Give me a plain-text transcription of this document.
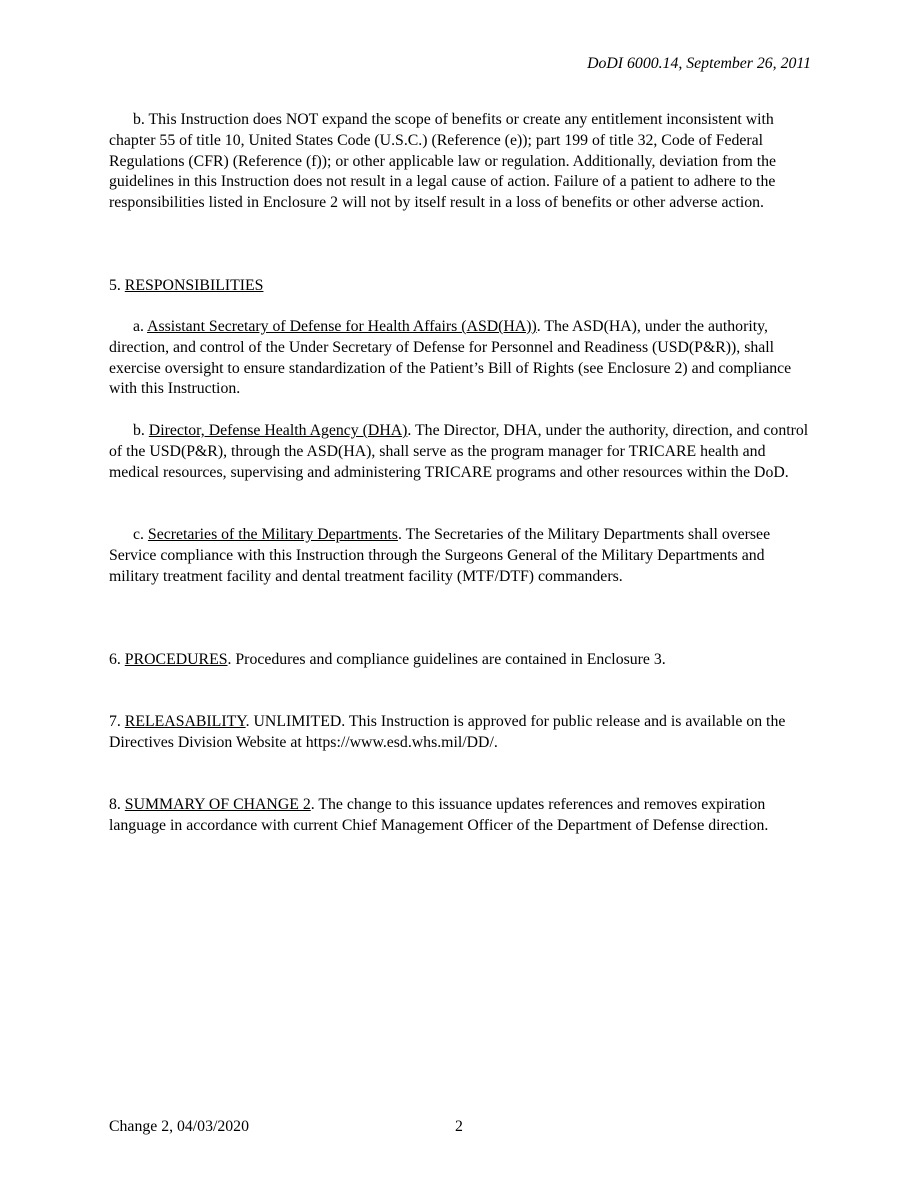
DoDI 6000.14, September 26, 2011

b. This Instruction does NOT expand the scope of benefits or create any entitlement inconsistent with chapter 55 of title 10, United States Code (U.S.C.) (Reference (e)); part 199 of title 32, Code of Federal Regulations (CFR) (Reference (f)); or other applicable law or regulation. Additionally, deviation from the guidelines in this Instruction does not result in a legal cause of action. Failure of a patient to adhere to the responsibilities listed in Enclosure 2 will not by itself result in a loss of benefits or other adverse action.

5. RESPONSIBILITIES

a. Assistant Secretary of Defense for Health Affairs (ASD(HA)). The ASD(HA), under the authority, direction, and control of the Under Secretary of Defense for Personnel and Readiness (USD(P&R)), shall exercise oversight to ensure standardization of the Patient’s Bill of Rights (see Enclosure 2) and compliance with this Instruction.

b. Director, Defense Health Agency (DHA). The Director, DHA, under the authority, direction, and control of the USD(P&R), through the ASD(HA), shall serve as the program manager for TRICARE health and medical resources, supervising and administering TRICARE programs and other resources within the DoD.

c. Secretaries of the Military Departments. The Secretaries of the Military Departments shall oversee Service compliance with this Instruction through the Surgeons General of the Military Departments and military treatment facility and dental treatment facility (MTF/DTF) commanders.

6. PROCEDURES. Procedures and compliance guidelines are contained in Enclosure 3.

7. RELEASABILITY. UNLIMITED. This Instruction is approved for public release and is available on the Directives Division Website at https://www.esd.whs.mil/DD/.

8. SUMMARY OF CHANGE 2. The change to this issuance updates references and removes expiration language in accordance with current Chief Management Officer of the Department of Defense direction.

Change 2, 04/03/2020	2
